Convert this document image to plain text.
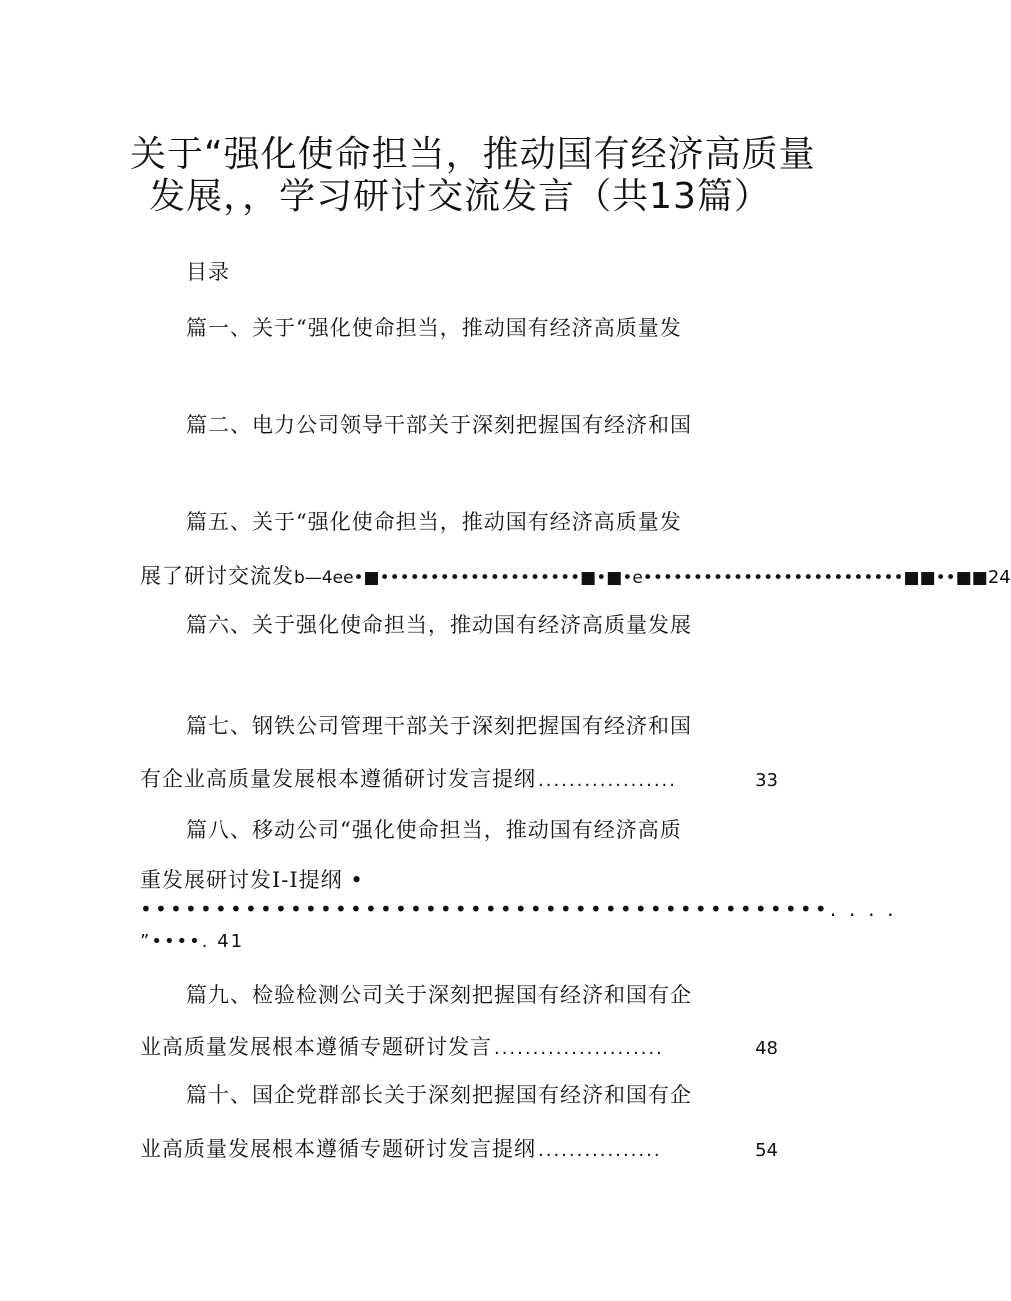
关于“强化使命担当，推动国有经济高质量
发展，，学习研讨交流发言（共13篇）
目录
篇一、关于“强化使命担当，推动国有经济高质量发
篇二、电力公司领导干部关于深刻把握国有经济和国
篇五、关于“强化使命担当，推动国有经济高质量发
展了研讨交流发 b—4ee•■••••••••••••••••••••■•■•e••••••••••••••••••••••••••■■••■■ 24
篇六、关于强化使命担当，推动国有经济高质量发展
篇七、钢铁公司管理干部关于深刻把握国有经济和国
有企业高质量发展根本遵循研讨发言提纲 ..................	33
篇八、移动公司“强化使命担当，推动国有经济高质
重发展研讨发I-I提纲 •
••••••••••••••••••••••••••••••••••••••••••••••. . . .
”••••. 41
篇九、检验检测公司关于深刻把握国有经济和国有企
业高质量发展根本遵循专题研讨发言 ......................	48
篇十、国企党群部长关于深刻把握国有经济和国有企
业高质量发展根本遵循专题研讨发言提纲 ................	54
